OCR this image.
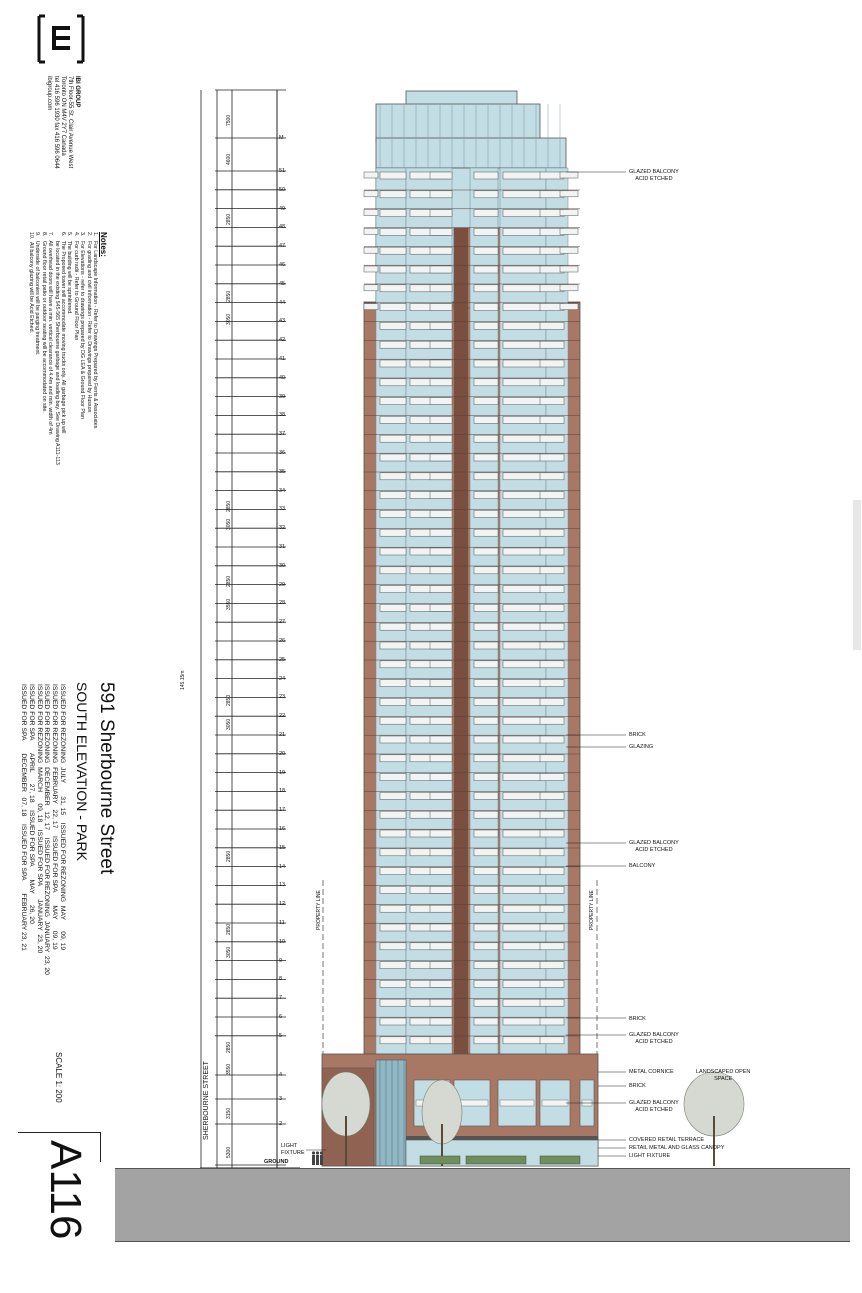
IBI GROUP
7th Floor-55 St. Clair Avenue West
Toronto ON M4V 2Y7 Canada
tel 416 596 1930 fax 416 596 0644
ibigroup.com
Notes:
1.   For Landscape Information - Refer to Drawings Prepared by Ferris & Associates
2.   For grading and civil information - Refer to Drawings prepared by Husson
3.   For Elevations - refer to drawings prepared by DG LEA & Ground Floor Plan
4.   For curb radii - Refer to Ground Floor Plan
5.   The building will be sprinklered.
6.   The Proposed tower will accommodate moving trucks only. All garbage pick up will
be located in the existing 545-565 Sherbourne garbage and loading bay. See Drawing A111-113
7.   All overhead doors will have a min. vertical clearance of 4.4m and min. width of 4m
8.   Ground floor retail patio or outdoor seating will be accommodated on site.
9.   Underside of balconies will be parging treatment.
10.  All balcony glazing will be Acid Etched.
591 Sherbourne Street
SOUTH ELEVATION - PARK
ISSUED FOR REZONING  JULY       31, 15    ISSUED FOR REZONING  MAY      09, 19
ISSUED FOR REZONING  FEBRUARY   22, 17    ISSUED FOR SPA       MAY      09, 19
ISSUED FOR REZONING  DECEMBER   12, 17    ISSUED FOR REZONING  JANUARY  23, 20
ISSUED FOR REZONING  MARCH      09, 18    ISSUED FOR SPA       JANUARY  23, 20
ISSUED FOR SPA       APRIL      27, 18    ISSUED FOR SPA       MAY      26, 20
ISSUED FOR SPA       DECEMBER   07, 18    ISSUED FOR SPA       FEBRUARY 23, 21
SCALE 1: 200
A116
M
51
50
49
48
47
46
45
44
43
42
41
40
39
38
37
36
35
34
33
32
31
30
29
28
27
26
25
24
23
22
21
20
19
18
17
16
15
14
13
12
11
10
9
8
7
6
5
4
3
2
7500
4600
2850
2850
3050
2850
3050
2850
3550
2850
3050
2850
2850
3050
2850
3550
3150
5300
145.15m
PROPERTY LINE	PROPERTY LINE
SHERBOURNE STREET
LIGHT
FIXTURE
GROUND
GLAZED BALCONY
ACID ETCHED
BRICK
GLAZING
GLAZED BALCONY
ACID ETCHED
BALCONY
BRICK
GLAZED BALCONY
ACID ETCHED
METAL CORNICE	LANDSCAPED OPEN
SPACE
BRICK
GLAZED BALCONY
ACID ETCHED
COVERED RETAIL TERRACE
RETAIL METAL AND GLASS CANOPY
LIGHT FIXTURE
